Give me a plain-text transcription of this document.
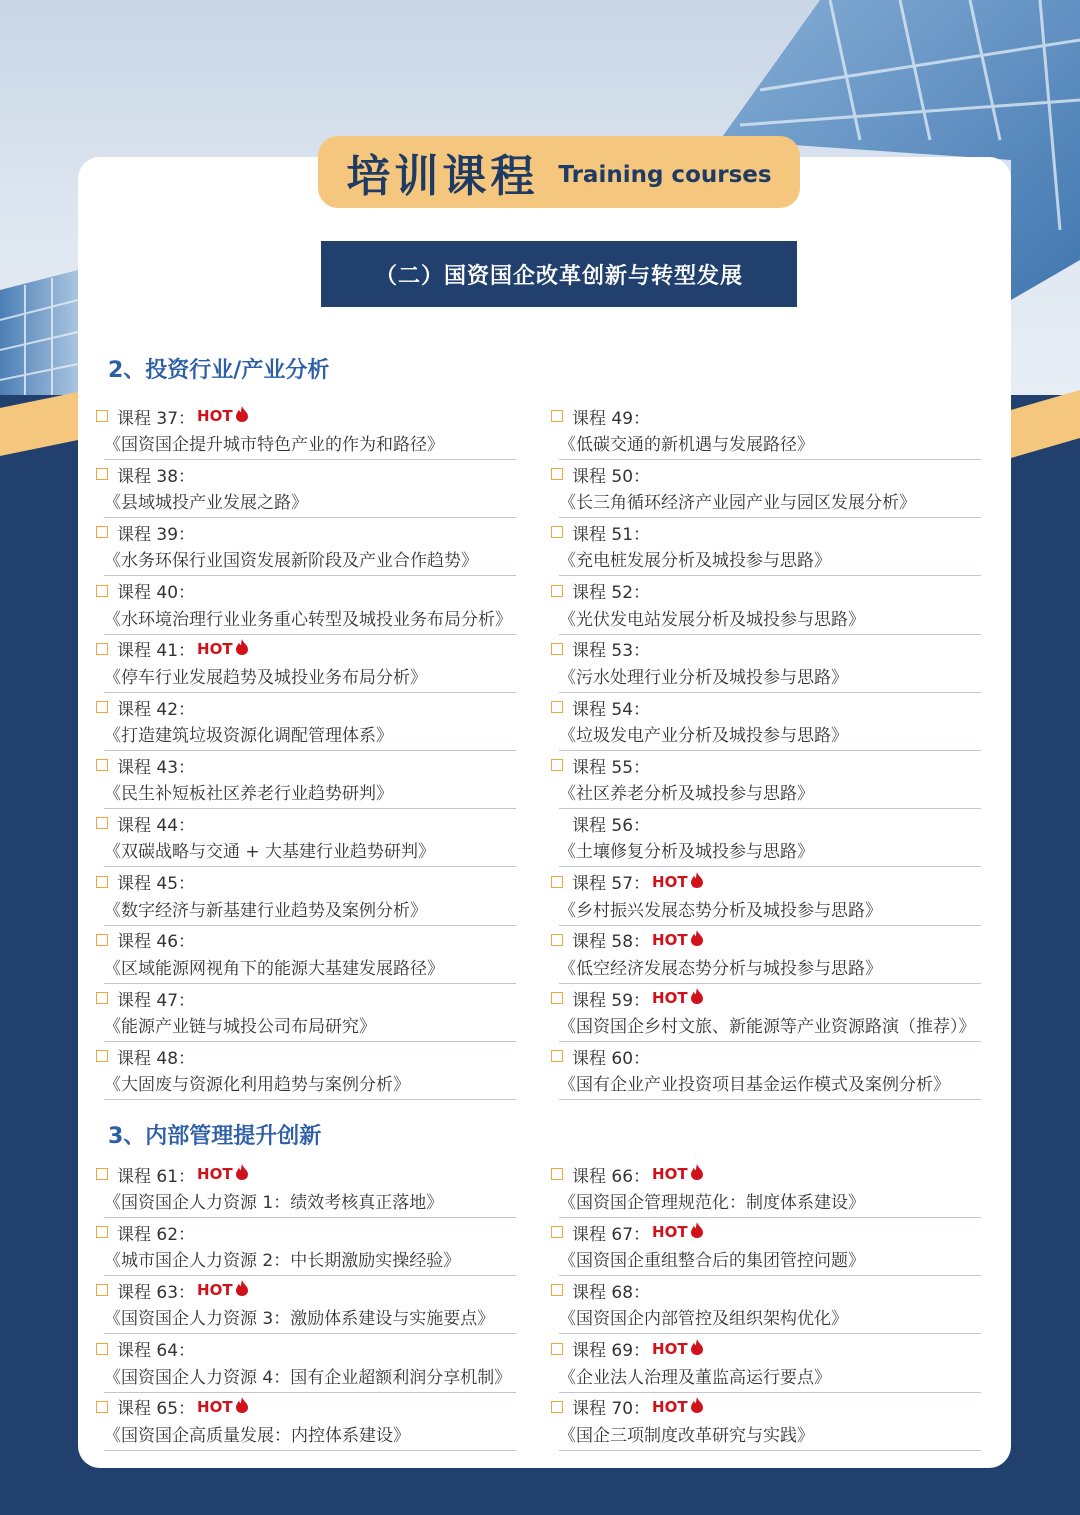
培训课程 Training courses
（二）国资国企改革创新与转型发展
2、投资行业/产业分析
课程 37： HOT
《国资国企提升城市特色产业的作为和路径》
课程 38：
《县域城投产业发展之路》
课程 39：
《水务环保行业国资发展新阶段及产业合作趋势》
课程 40：
《水环境治理行业业务重心转型及城投业务布局分析》
课程 41： HOT
《停车行业发展趋势及城投业务布局分析》
课程 42：
《打造建筑垃圾资源化调配管理体系》
课程 43：
《民生补短板社区养老行业趋势研判》
课程 44：
《双碳战略与交通 + 大基建行业趋势研判》
课程 45：
《数字经济与新基建行业趋势及案例分析》
课程 46：
《区域能源网视角下的能源大基建发展路径》
课程 47：
《能源产业链与城投公司布局研究》
课程 48：
《大固废与资源化利用趋势与案例分析》
课程 49：
《低碳交通的新机遇与发展路径》
课程 50：
《长三角循环经济产业园产业与园区发展分析》
课程 51：
《充电桩发展分析及城投参与思路》
课程 52：
《光伏发电站发展分析及城投参与思路》
课程 53：
《污水处理行业分析及城投参与思路》
课程 54：
《垃圾发电产业分析及城投参与思路》
课程 55：
《社区养老分析及城投参与思路》
课程 56：
《土壤修复分析及城投参与思路》
课程 57： HOT
《乡村振兴发展态势分析及城投参与思路》
课程 58： HOT
《低空经济发展态势分析与城投参与思路》
课程 59： HOT
《国资国企乡村文旅、新能源等产业资源路演（推荐）》
课程 60：
《国有企业产业投资项目基金运作模式及案例分析》
3、内部管理提升创新
课程 61： HOT
《国资国企人力资源 1：绩效考核真正落地》
课程 62：
《城市国企人力资源 2：中长期激励实操经验》
课程 63： HOT
《国资国企人力资源 3：激励体系建设与实施要点》
课程 64：
《国资国企人力资源 4：国有企业超额利润分享机制》
课程 65： HOT
《国资国企高质量发展：内控体系建设》
课程 66： HOT
《国资国企管理规范化：制度体系建设》
课程 67： HOT
《国资国企重组整合后的集团管控问题》
课程 68：
《国资国企内部管控及组织架构优化》
课程 69： HOT
《企业法人治理及董监高运行要点》
课程 70： HOT
《国企三项制度改革研究与实践》
